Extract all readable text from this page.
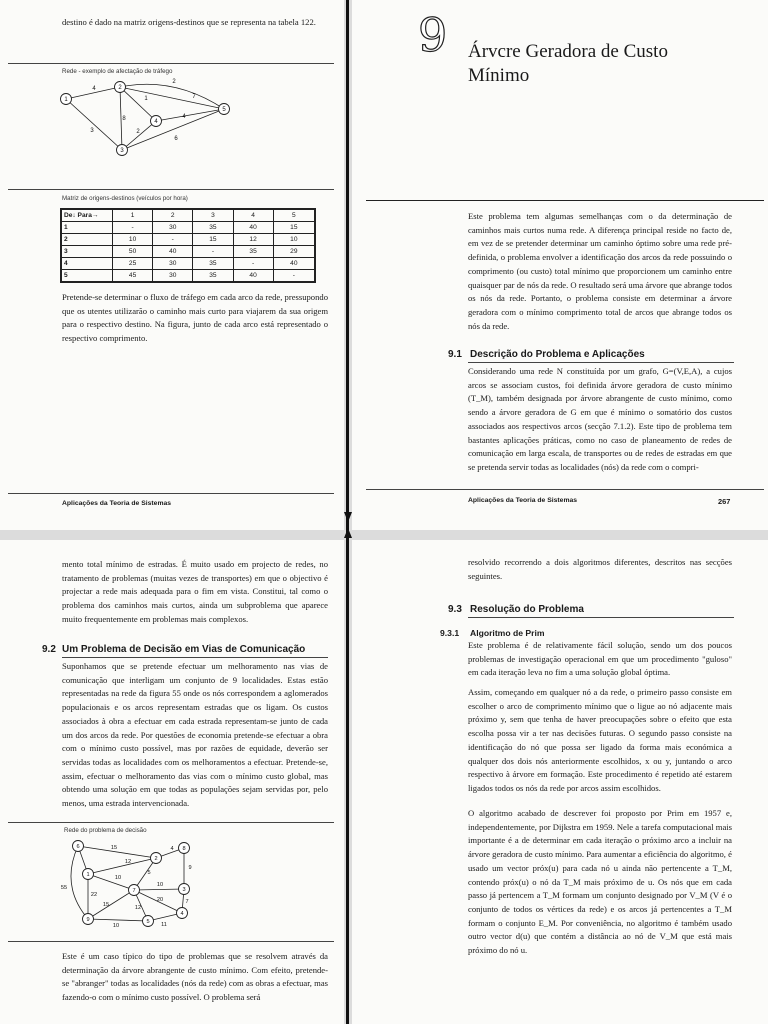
destino é dado na matriz origens-destinos que se representa na tabela 122.
Rede - exemplo de afectação de tráfego
1
2
3
4
5
4
2
1
8	4
3	2
6
7
Matriz de origens-destinos (veículos por hora)
De↓ Para→	1	2	3	4	5
1	-	30	35	40	15
2	10	-	15	12	10
3	50	40	-	35	29
4	25	30	35	-	40
5	45	30	35	40	-
Pretende-se determinar o fluxo de tráfego em cada arco da rede, pressupondo que os utentes utilizarão o caminho mais curto para viajarem da sua origem para o respectivo destino. Na figura, junto de cada arco está representado o respectivo comprimento.
Aplicações da Teoria de Sistemas
9 Árvcre Geradora de Custo
Mínimo
Este problema tem algumas semelhanças com o da determinação de caminhos mais curtos numa rede. A diferença principal reside no facto de, em vez de se pretender determinar um caminho óptimo sobre uma rede pré-definida, o problema envolver a identificação dos arcos da rede possuindo o comprimento (ou custo) total mínimo que proporcionem um caminho entre quaisquer par de nós da rede. O resultado será uma árvore que abrange todos os nós da rede. Portanto, o problema consiste em determinar a árvore geradora com o mínimo comprimento total de arcos que abrange todos os nós da rede.
9.1 Descrição do Problema e Aplicações
Considerando uma rede N constituída por um grafo, G=(V,E,A), a cujos arcos se associam custos, foi definida árvore geradora de custo mínimo (T_M), também designada por árvore abrangente de custo mínimo, como sendo a árvore geradora de G em que é mínimo o somatório dos custos associados aos respectivos arcos (secção 7.1.2). Este tipo de problema tem bastantes aplicações práticas, como no caso de planeamento de redes de comunicação em larga escala, de transportes ou de redes de estradas em que se pretenda servir todas as localidades (nós) da rede com o compri-
Aplicações da Teoria de Sistemas	267
mento total mínimo de estradas. É muito usado em projecto de redes, no tratamento de problemas (muitas vezes de transportes) em que o objectivo é projectar a rede mais adequada para o fim em vista. Constitui, tal como o problema dos caminhos mais curtos, ainda um subproblema que aparece muito frequentemente em problemas mais complexos.
9.2 Um Problema de Decisão em Vias de Comunicação
Suponhamos que se pretende efectuar um melhoramento nas vias de comunicação que interligam um conjunto de 9 localidades. Estas estão representadas na rede da figura 55 onde os nós correspondem a aglomerados populacionais e os arcos representam estradas que os ligam. Os custos associados à obra a efectuar em cada estrada representam-se junto de cada um dos arcos da rede. Por questões de economia pretende-se efectuar a obra com o mínimo custo possível, mas por razões de equidade, deverão ser servidas todas as localidades com os melhoramentos a efectuar. Pretende-se, assim, efectuar o melhoramento das vias com o mínimo custo global, mas obtendo uma solução em que todas as populações sejam servidas por, pelo menos, uma estrada intervencionada.
Rede do problema de decisão
6
2
8
1
3
7
9	5
4
15	4
9
12
5
10
10
55
22
15	12
20
10	11
7
Este é um caso típico do tipo de problemas que se resolvem através da determinação da árvore abrangente de custo mínimo. Com efeito, pretende-se "abranger" todas as localidades (nós da rede) com as obras a efectuar, mas fazendo-o com o mínimo custo possível. O problema será
resolvido recorrendo a dois algoritmos diferentes, descritos nas secções seguintes.
9.3 Resolução do Problema
9.3.1 Algoritmo de Prim
Este problema é de relativamente fácil solução, sendo um dos poucos problemas de investigação operacional em que um procedimento "guloso" em cada iteração leva no fim a uma solução global óptima.
Assim, começando em qualquer nó a da rede, o primeiro passo consiste em escolher o arco de comprimento mínimo que o ligue ao nó adjacente mais próximo y, sem que tenha de haver preocupações sobre o efeito que esta escolha possa vir a ter nas decisões futuras. O segundo passo consiste na identificação do nó que possa ser ligado da forma mais económica a qualquer dos dois nós anteriormente escolhidos, x ou y, juntando o arco respectivo à árvore em formação. Este procedimento é repetido até estarem ligados todos os nós da rede por arcos assim escolhidos.
O algoritmo acabado de descrever foi proposto por Prim em 1957 e, independentemente, por Dijkstra em 1959. Nele a tarefa computacional mais importante é a de determinar em cada iteração o próximo arco a incluir na árvore geradora de custo mínimo. Para aumentar a eficiência do algoritmo, é usado um vector próx(u) para cada nó u ainda não pertencente a T_M, contendo próx(u) o nó da T_M mais próximo de u. Os nós que em cada passo já pertencem a T_M formam um conjunto designado por V_M (V é o conjunto de todos os vértices da rede) e os arcos já pertencentes a T_M formam o conjunto E_M. Por conveniência, no algoritmo é também usado outro vector d(u) que contém a distância ao nó de V_M que está mais próximo do nó u.
